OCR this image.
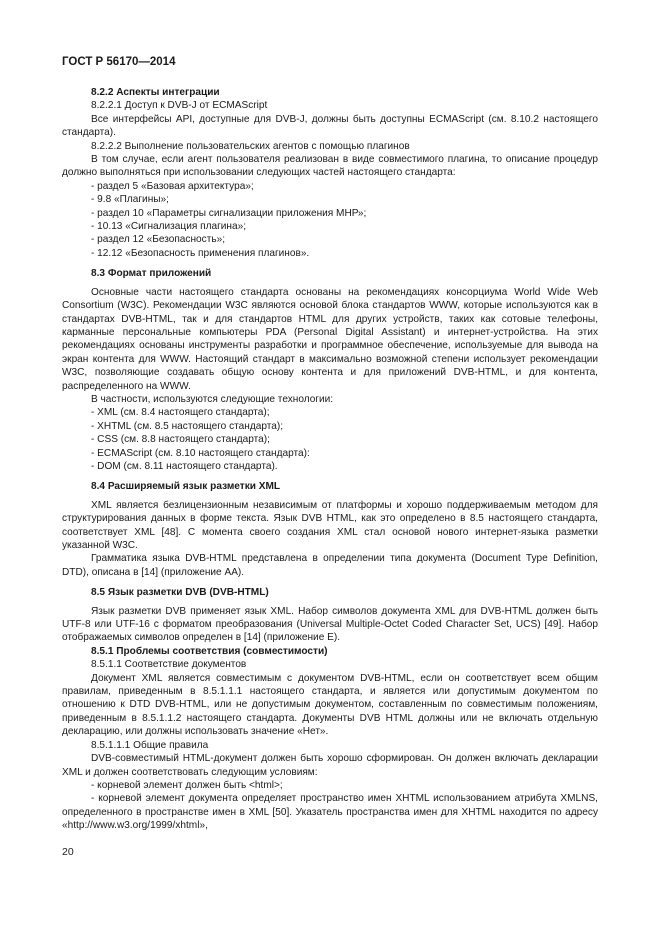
ГОСТ Р 56170—2014

8.2.2 Аспекты интеграции

8.2.2.1 Доступ к DVB-J от ECMAScript

Все интерфейсы API, доступные для DVB-J, должны быть доступны ECMAScript (см. 8.10.2 настоящего стандарта).

8.2.2.2 Выполнение пользовательских агентов с помощью плагинов

В том случае, если агент пользователя реализован в виде совместимого плагина, то описание процедур должно выполняться при использовании следующих частей настоящего стандарта:

- раздел 5 «Базовая архитектура»;
- 9.8 «Плагины»;
- раздел 10 «Параметры сигнализации приложения МНР»;
- 10.13 «Сигнализация плагина»;
- раздел 12 «Безопасность»;
- 12.12 «Безопасность применения плагинов».

8.3 Формат приложений

Основные части настоящего стандарта основаны на рекомендациях консорциума World Wide Web Consortium (W3C). Рекомендации W3C являются основой блока стандартов WWW, которые используются как в стандартах DVB-HTML, так и для стандартов HTML для других устройств, таких как сотовые телефоны, карманные персональные компьютеры PDA (Personal Digital Assistant) и интернет-устройства. На этих рекомендациях основаны инструменты разработки и программное обеспечение, используемые для вывода на экран контента для WWW. Настоящий стандарт в максимально возможной степени использует рекомендации W3C, позволяющие создавать общую основу контента и для приложений DVB-HTML, и для контента, распределенного на WWW.

В частности, используются следующие технологии:

- XML (см. 8.4 настоящего стандарта);
- XHTML (см. 8.5 настоящего стандарта);
- CSS (см. 8.8 настоящего стандарта);
- ECMAScript (см. 8.10 настоящего стандарта):
- DOM (см. 8.11 настоящего стандарта).

8.4 Расширяемый язык разметки XML

XML является безлицензионным независимым от платформы и хорошо поддерживаемым методом для структурирования данных в форме текста. Язык DVB HTML, как это определено в 8.5 настоящего стандарта, соответствует XML [48]. С момента своего создания XML стал основой нового интернет-языка разметки указанной W3C.

Грамматика языка DVB-HTML представлена в определении типа документа (Document Type Definition, DTD), описана в [14] (приложение АА).

8.5 Язык разметки DVB (DVB-HTML)

Язык разметки DVB применяет язык XML. Набор символов документа XML для DVB-HTML должен быть UTF-8 или UTF-16 с форматом преобразования (Universal Multiple-Octet Coded Character Set, UCS) [49]. Набор отображаемых символов определен в [14] (приложение Е).

8.5.1 Проблемы соответствия (совместимости)

8.5.1.1 Соответствие документов

Документ XML является совместимым с документом DVB-HTML, если он соответствует всем общим правилам, приведенным в 8.5.1.1.1 настоящего стандарта, и является или допустимым документом по отношению к DTD DVB-HTML, или не допустимым документом, составленным по совместимым положениям, приведенным в 8.5.1.1.2 настоящего стандарта. Документы DVB HTML должны или не включать отдельную декларацию, или должны использовать значение «Нет».

8.5.1.1.1 Общие правила

DVB-совместимый HTML-документ должен быть хорошо сформирован. Он должен включать декларации XML и должен соответствовать следующим условиям:

- корневой элемент должен быть <html>;

- корневой элемент документа определяет пространство имен XHTML использованием атрибута XMLNS, определенного в пространстве имен в XML [50]. Указатель пространства имен для XHTML находится по адресу «http://www.w3.org/1999/xhtml»,

20
